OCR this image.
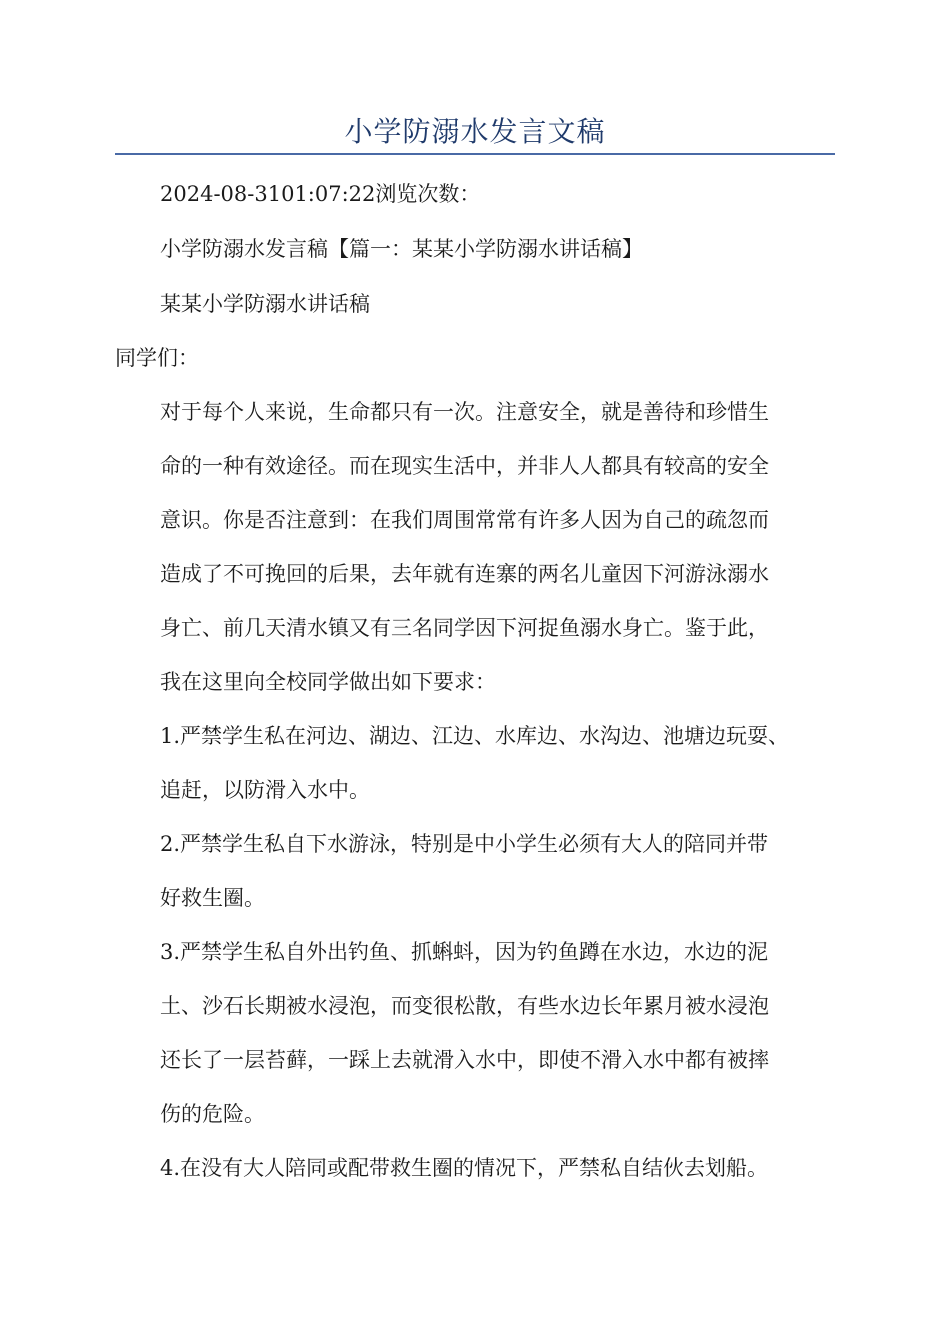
小学防溺水发言文稿
2024-08-3101:07:22浏览次数：
小学防溺水发言稿【篇一：某某小学防溺水讲话稿】
某某小学防溺水讲话稿
同学们：
对于每个人来说，生命都只有一次。注意安全，就是善待和珍惜生
命的一种有效途径。而在现实生活中，并非人人都具有较高的安全
意识。你是否注意到：在我们周围常常有许多人因为自己的疏忽而
造成了不可挽回的后果，去年就有连寨的两名儿童因下河游泳溺水
身亡、前几天清水镇又有三名同学因下河捉鱼溺水身亡。鉴于此，
我在这里向全校同学做出如下要求：
1.严禁学生私在河边、湖边、江边、水库边、水沟边、池塘边玩耍、
追赶，以防滑入水中。
2.严禁学生私自下水游泳，特别是中小学生必须有大人的陪同并带
好救生圈。
3.严禁学生私自外出钓鱼、抓蝌蚪，因为钓鱼蹲在水边，水边的泥
土、沙石长期被水浸泡，而变很松散，有些水边长年累月被水浸泡
还长了一层苔藓，一踩上去就滑入水中，即使不滑入水中都有被摔
伤的危险。
4.在没有大人陪同或配带救生圈的情况下，严禁私自结伙去划船。
